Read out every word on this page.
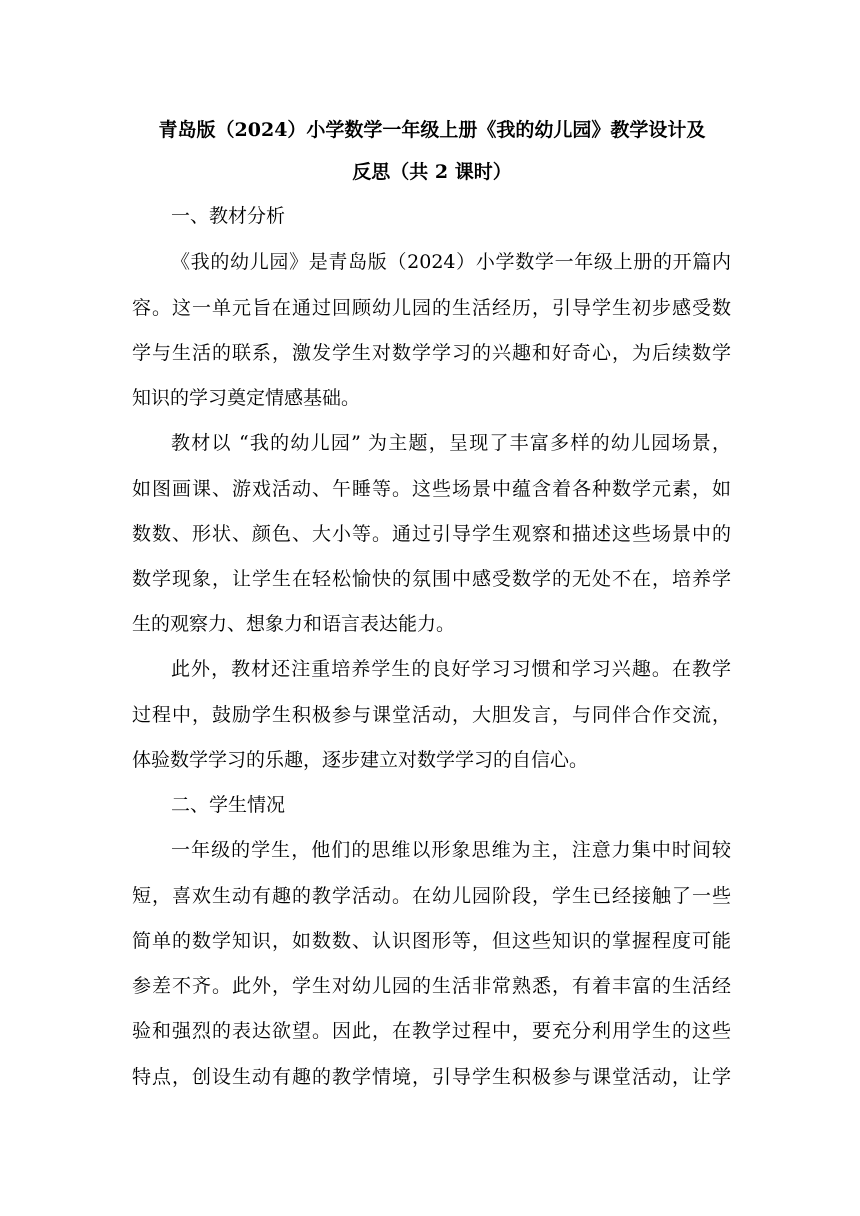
青岛版（2024）小学数学一年级上册《我的幼儿园》教学设计及
反思（共 2 课时）
一、教材分析
《我的幼儿园》是青岛版（2024）小学数学一年级上册的开篇内
容。这一单元旨在通过回顾幼儿园的生活经历，引导学生初步感受数
学与生活的联系，激发学生对数学学习的兴趣和好奇心，为后续数学
知识的学习奠定情感基础。
教材以 “我的幼儿园” 为主题，呈现了丰富多样的幼儿园场景，
如图画课、游戏活动、午睡等。这些场景中蕴含着各种数学元素，如
数数、形状、颜色、大小等。通过引导学生观察和描述这些场景中的
数学现象，让学生在轻松愉快的氛围中感受数学的无处不在，培养学
生的观察力、想象力和语言表达能力。
此外，教材还注重培养学生的良好学习习惯和学习兴趣。在教学
过程中，鼓励学生积极参与课堂活动，大胆发言，与同伴合作交流，
体验数学学习的乐趣，逐步建立对数学学习的自信心。
二、学生情况
一年级的学生，他们的思维以形象思维为主，注意力集中时间较
短，喜欢生动有趣的教学活动。在幼儿园阶段，学生已经接触了一些
简单的数学知识，如数数、认识图形等，但这些知识的掌握程度可能
参差不齐。此外，学生对幼儿园的生活非常熟悉，有着丰富的生活经
验和强烈的表达欲望。因此，在教学过程中，要充分利用学生的这些
特点，创设生动有趣的教学情境，引导学生积极参与课堂活动，让学
